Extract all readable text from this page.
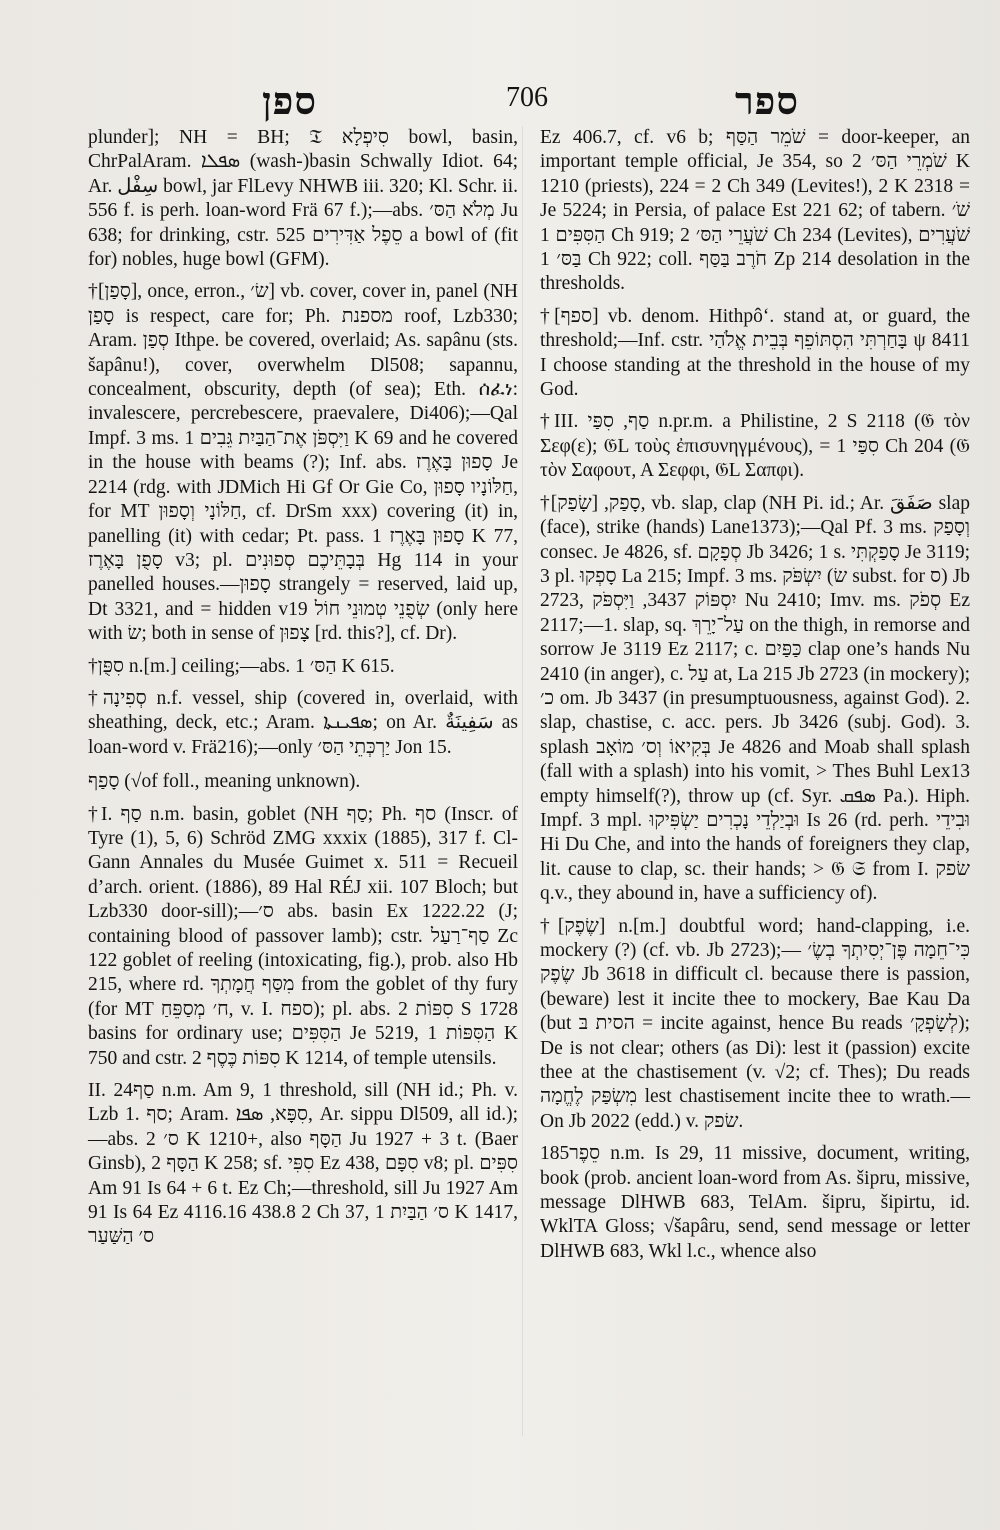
ספן	706	ספר

plunder]; NH = BH; 𝔗 סִיפְלָא bowl, basin, ChrPalAram. ܣܦܠܐ (wash-)basin Schwally Idiot. 64; Ar. سِفْل bowl, jar FlLevy NHWB iii. 320; Kl. Schr. ii. 556 f. is perh. loan-word Frä 67 f.);—abs. מְלֹא הַסּ׳ Ju 638; for drinking, cstr. סֵפֶל אַדִּירִים 525 a bowl of (fit for) nobles, huge bowl (GFM).

†[סָפַן], once, erron., שׂ׳] vb. cover, cover in, panel (NH סָפַן is respect, care for; Ph. מספנת roof, Lzb330; Aram. סְפַן Ithpe. be covered, overlaid; As. sapânu (sts. šapânu!), cover, overwhelm Dl508; sapannu, concealment, obscurity, depth (of sea); Eth. ሰፈነ: invalescere, percrebescere, praevalere, Di406);—Qal Impf. 3 ms. וַיִּסְפֹּן אֶת־הַבַּיִת גֵּבִים 1 K 69 and he covered in the house with beams (?); Inf. abs. סָפוּן בָּאֶרֶז Je 2214 (rdg. with JDMich Hi Gf Or Gie Co, חַלּוֹנָיו סָפוּן, for MT חַלּוֹנָי וְסָפוּן, cf. DrSm xxx) covering (it) in, panelling (it) with cedar; Pt. pass. סָפוּן בָּאֶרֶז 1 K 77, סָפֻן בָּאֶרֶז v3; pl. בְּבָתֵּיכֶם סְפוּנִים Hg 114 in your panelled houses.—סָפוּן strangely = reserved, laid up, Dt 3321, and = hidden v19 שְׂפֻנֵי טְמוּנֵי חוֹל (only here with שׂ; both in sense of צָפוּן [rd. this?], cf. Dr).

†סִפֻּן n.[m.] ceiling;—abs. הַסּ׳ 1 K 615.

†סְפִינָה n.f. vessel, ship (covered in, overlaid, with sheathing, deck, etc.; Aram. ܣܦܝܢܬܐ; on Ar. سَفِينَةٌ as loan-word v. Frä216);—only יַרְכְּתֵי הַסּ׳ Jon 15.

סָפַף (√of foll., meaning unknown).

†I. סַף n.m. basin, goblet (NH סַף; Ph. סף (Inscr. of Tyre (1), 5, 6) Schröd ZMG xxxix (1885), 317 f. Cl-Gann Annales du Musée Guimet x. 511 = Recueil d’arch. orient. (1886), 89 Hal RÉJ xii. 107 Bloch; but Lzb330 door-sill);—ס׳ abs. basin Ex 1222.22 (J; containing blood of passover lamb); cstr. סַף־רַעַל Zc 122 goblet of reeling (intoxicating, fig.), prob. also Hb 215, where rd. מִסַּף חֲמָתְךָ from the goblet of thy fury (for MT ח׳ מְסַפֵּחַ, v. I. ספח); pl. abs. סִפּוֹת 2 S 1728 basins for ordinary use; הַסִּפִּים Je 5219, הַסִּפּוֹת 1 K 750 and cstr. סִפּוֹת כֶּסֶף 2 K 1214, of temple utensils.

II. סַף24 n.m. Am 9, 1 threshold, sill (NH id.; Ph. v. Lzb 1. סף; Aram. סִפָּא, ܣܦܐ, Ar. sippu Dl509, all id.);—abs. ס׳ 2 K 1210+, also הַסָּף Ju 1927 + 3 t. (Baer Ginsb), הַסָּף 2 K 258; sf. סִפִּי Ez 438, סִפָּם v8; pl. סִפִּים Am 91 Is 64 + 6 t. Ez Ch;—threshold, sill Ju 1927 Am 91 Is 64 Ez 4116.16 438.8 2 Ch 37, ס׳ הַבַּיִת 1 K 1417, ס׳ הַשַּׁעַר

Ez 406.7, cf. v6 b; שֹׁמֵר הַסַּף = door-keeper, an important temple official, Je 354, so שֹׁמְרֵי הַסּ׳ 2 K 1210 (priests), 224 = 2 Ch 349 (Levites!), 2 K 2318 = Je 5224; in Persia, of palace Est 221 62; of tabern. שֹׁ׳ הַסִּפִּים 1 Ch 919; שֹׁעֲרֵי הַסּ׳ 2 Ch 234 (Levites), שֹׁעֲרִים בַּסּ׳ 1 Ch 922; coll. חֹרֶב בַּסַּף Zp 214 desolation in the thresholds.

†[ספף] vb. denom. Hithpô‘. stand at, or guard, the threshold;—Inf. cstr. בָּחַרְתִּי הִסְתּוֹפֵף בְּבֵית אֱלֹהַי ψ 8411 I choose standing at the threshold in the house of my God.

†III. סַף, סִפַּי n.pr.m. a Philistine, 2 S 2118 (𝔊 τὸν Σεφ(ε); 𝔊L τοὺς ἐπισυνηγμένους), = סִפַּי 1 Ch 204 (𝔊 τὸν Σαφουτ, Α Σεφφι, 𝔊L Σαπφι).

†סָפַק, [שָׂפַק], vb. slap, clap (NH Pi. id.; Ar. صَفَقَ slap (face), strike (hands) Lane1373);—Qal Pf. 3 ms. וְסָפַק consec. Je 4826, sf. סְפָקָם Jb 3426; 1 s. סָפַקְתִּי Je 3119; 3 pl. סָפְקוּ La 215; Impf. 3 ms. יִשְׂפֹּק (שׂ subst. for ס) Jb 2723, יִסְפּוֹק 3437, וַיִּסְפֹּק Nu 2410; Imv. ms. סְפֹק Ez 2117;—1. slap, sq. עַל־יָרֵךְ on the thigh, in remorse and sorrow Je 3119 Ez 2117; c. כַּפַּיִם clap one’s hands Nu 2410 (in anger), c. עַל at, La 215 Jb 2723 (in mockery); כ׳ om. Jb 3437 (in presumptuousness, against God). 2. slap, chastise, c. acc. pers. Jb 3426 (subj. God). 3. splash בְּקִיאוֹ וְס׳ מוֹאָב Je 4826 and Moab shall splash (fall with a splash) into his vomit, > Thes Buhl Lex13 empty himself(?), throw up (cf. Syr. ܣܦܩ Pa.). Hiph. Impf. 3 mpl. וּבְיַלְדֵי נָכְרִים יַשְׂפִּיקוּ Is 26 (rd. perh. וּבִידֵי Hi Du Che, and into the hands of foreigners they clap, lit. cause to clap, sc. their hands; > 𝔊 𝔖 from I. שׂפק q.v., they abound in, have a sufficiency of).

†[שֶׂפֶק] n.[m.] doubtful word; hand-clapping, i.e. mockery (?) (cf. vb. Jb 2723);— כִּי־חֵמָה פֶּן־יְסִיתְךָ בְשֶׂ׳ שֶׂפֶק Jb 3618 in difficult cl. because there is passion, (beware) lest it incite thee to mockery, Bae Kau Da (but הסית בּ = incite against, hence Bu reads לְשָׂפְקָ׳); De is not clear; others (as Di): lest it (passion) excite thee at the chastisement (v. √2; cf. Thes); Du reads מִשְׂפַּק לֶחֱמָה lest chastisement incite thee to wrath.—On Jb 2022 (edd.) v. שׂפק.

סֵפֶר185 n.m. Is 29, 11 missive, document, writing, book (prob. ancient loan-word from As. šipru, missive, message DlHWB 683, TelAm. šipru, šipirtu, id. WklTA Gloss; √šapâru, send, send message or letter DlHWB 683, Wkl l.c., whence also
